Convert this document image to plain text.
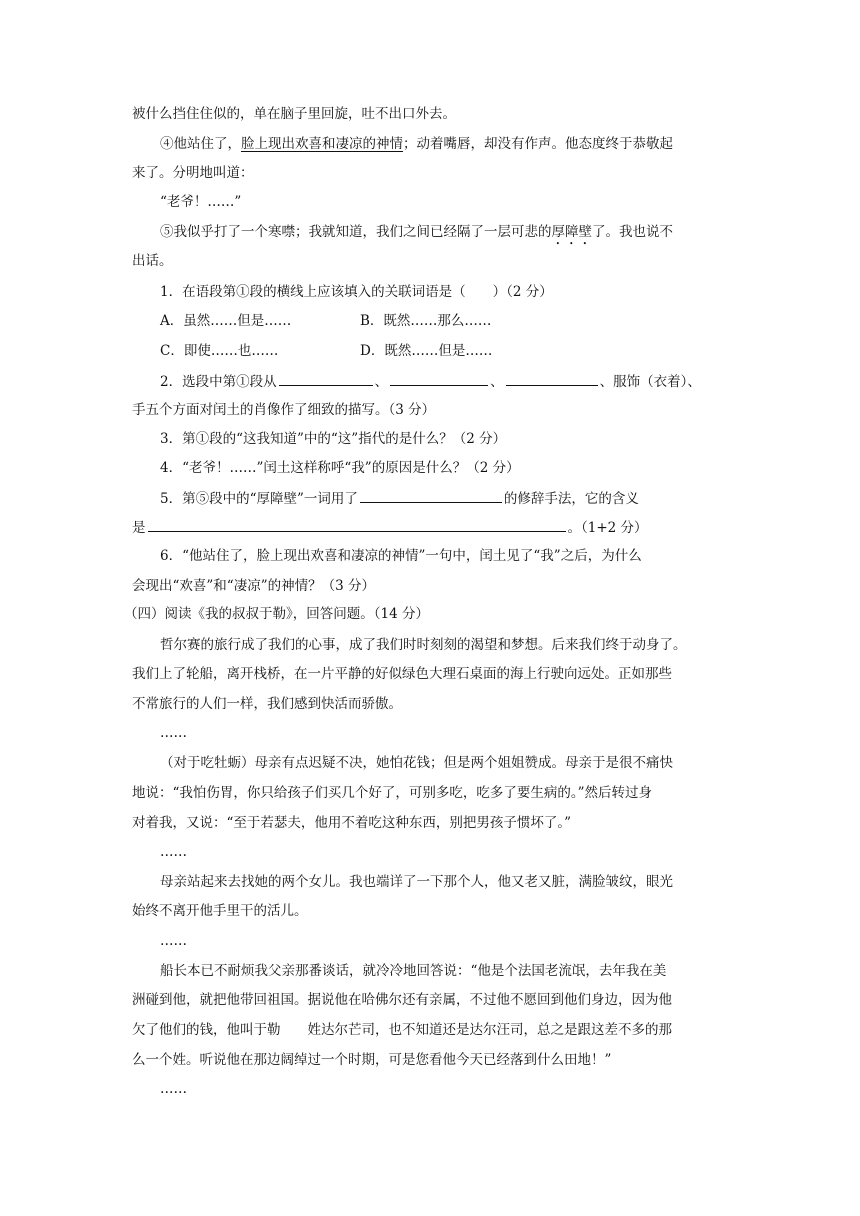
被什么挡住住似的，单在脑子里回旋，吐不出口外去。
④他站住了，脸上现出欢喜和凄凉的神情；动着嘴唇，却没有作声。他态度终于恭敬起
来了。分明地叫道：
“老爷！……”
⑤我似乎打了一个寒噤；我就知道，我们之间已经隔了一层可悲的厚障壁了。我也说不
出话。
1．在语段第①段的横线上应该填入的关联词语是（　　）（2 分）
A．虽然……但是……	B．既然……那么……
C．即使……也……	D．既然……但是……
2．选段中第①段从	、	、	、服饰（衣着）、
手五个方面对闰土的肖像作了细致的描写。（3 分）
3．第①段的“这我知道”中的“这”指代的是什么？（2 分）
4．“老爷！……”闰土这样称呼“我”的原因是什么？（2 分）
5．第⑤段中的“厚障壁”一词用了	的修辞手法，它的含义
是	。（1+2 分）
6．“他站住了，脸上现出欢喜和凄凉的神情”一句中，闰土见了“我”之后，为什么
会现出“欢喜”和“凄凉”的神情？（3 分）
（四）阅读《我的叔叔于勒》，回答问题。（14 分）
哲尔赛的旅行成了我们的心事，成了我们时时刻刻的渴望和梦想。后来我们终于动身了。
我们上了轮船，离开栈桥，在一片平静的好似绿色大理石桌面的海上行驶向远处。正如那些
不常旅行的人们一样，我们感到快活而骄傲。
……
（对于吃牡蛎）母亲有点迟疑不决，她怕花钱；但是两个姐姐赞成。母亲于是很不痛快
地说：“我怕伤胃，你只给孩子们买几个好了，可别多吃，吃多了要生病的。”然后转过身
对着我，又说：“至于若瑟夫，他用不着吃这种东西，别把男孩子惯坏了。”
……
母亲站起来去找她的两个女儿。我也端详了一下那个人，他又老又脏，满脸皱纹，眼光
始终不离开他手里干的活儿。
……
船长本已不耐烦我父亲那番谈话，就冷冷地回答说：“他是个法国老流氓，去年我在美
洲碰到他，就把他带回祖国。据说他在哈佛尔还有亲属，不过他不愿回到他们身边，因为他
欠了他们的钱，他叫于勒　　姓达尔芒司，也不知道还是达尔汪司，总之是跟这差不多的那
么一个姓。听说他在那边阔绰过一个时期，可是您看他今天已经落到什么田地！”
……
